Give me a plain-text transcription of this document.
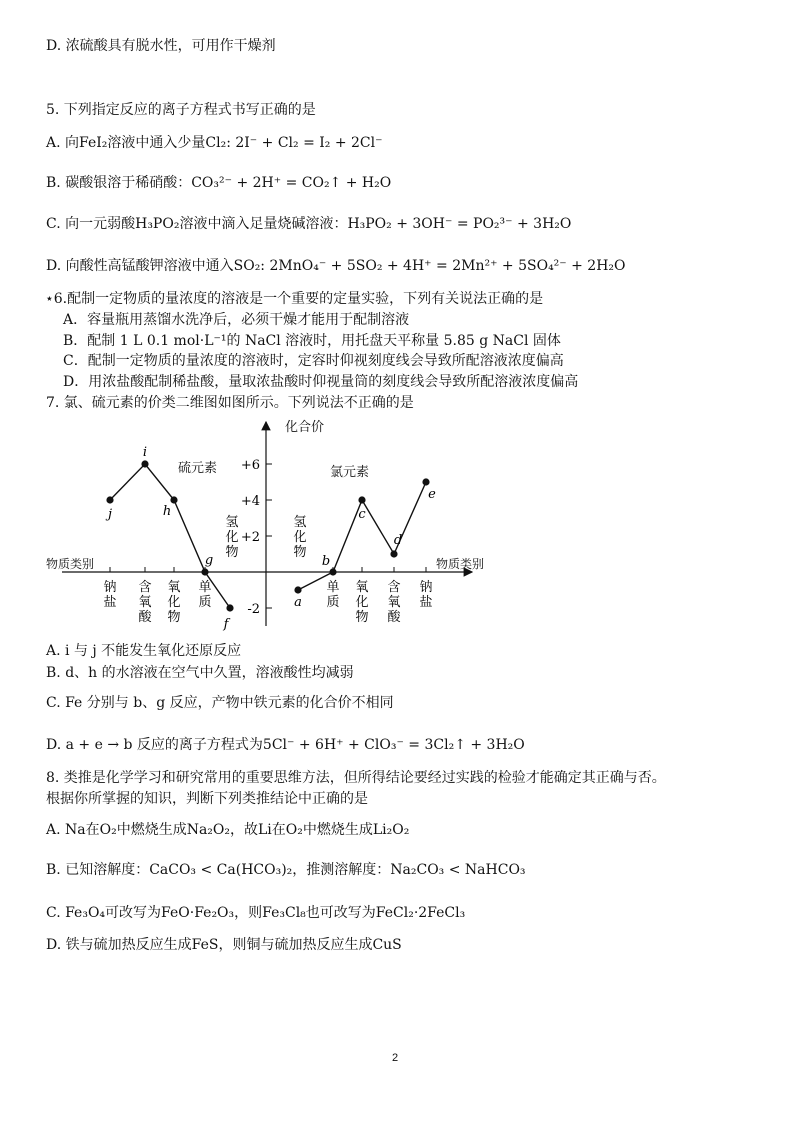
D. 浓硫酸具有脱水性，可用作干燥剂
5. 下列指定反应的离子方程式书写正确的是
A. 向FeI₂溶液中通入少量Cl₂: 2I⁻ + Cl₂ = I₂ + 2Cl⁻
B. 碳酸银溶于稀硝酸：CO₃²⁻ + 2H⁺ = CO₂↑ + H₂O
C. 向一元弱酸H₃PO₂溶液中滴入足量烧碱溶液：H₃PO₂ + 3OH⁻ = PO₂³⁻ + 3H₂O
D. 向酸性高锰酸钾溶液中通入SO₂: 2MnO₄⁻ + 5SO₂ + 4H⁺ = 2Mn²⁺ + 5SO₄²⁻ + 2H₂O
⋆6.配制一定物质的量浓度的溶液是一个重要的定量实验，下列有关说法正确的是
A．容量瓶用蒸馏水洗净后，必须干燥才能用于配制溶液
B．配制 1 L 0.1 mol·L⁻¹的 NaCl 溶液时，用托盘天平称量 5.85 g NaCl 固体
C．配制一定物质的量浓度的溶液时，定容时仰视刻度线会导致所配溶液浓度偏高
D．用浓盐酸配制稀盐酸，量取浓盐酸时仰视量筒的刻度线会导致所配溶液浓度偏高
7. 氯、硫元素的价类二维图如图所示。下列说法不正确的是
+6
+4
+2
-2
j
i
h
g
f
a
b
c
d
e
钠
盐
含
氧
酸
氧
化
物
单
质
单
质
氧
化
物
含
氧
酸
钠
盐
氢
化
物
氢
化
物
化合价
物质类别	物质类别
硫元素	氯元素
A. i 与 j 不能发生氧化还原反应
B. d、h 的水溶液在空气中久置，溶液酸性均减弱
C. Fe 分别与 b、g 反应，产物中铁元素的化合价不相同
D. a + e → b 反应的离子方程式为5Cl⁻ + 6H⁺ + ClO₃⁻ = 3Cl₂↑ + 3H₂O
8. 类推是化学学习和研究常用的重要思维方法，但所得结论要经过实践的检验才能确定其正确与否。
根据你所掌握的知识，判断下列类推结论中正确的是
A. Na在O₂中燃烧生成Na₂O₂，故Li在O₂中燃烧生成Li₂O₂
B. 已知溶解度：CaCO₃ < Ca(HCO₃)₂，推测溶解度：Na₂CO₃ < NaHCO₃
C. Fe₃O₄可改写为FeO·Fe₂O₃，则Fe₃Cl₈也可改写为FeCl₂·2FeCl₃
D. 铁与硫加热反应生成FeS，则铜与硫加热反应生成CuS
2
